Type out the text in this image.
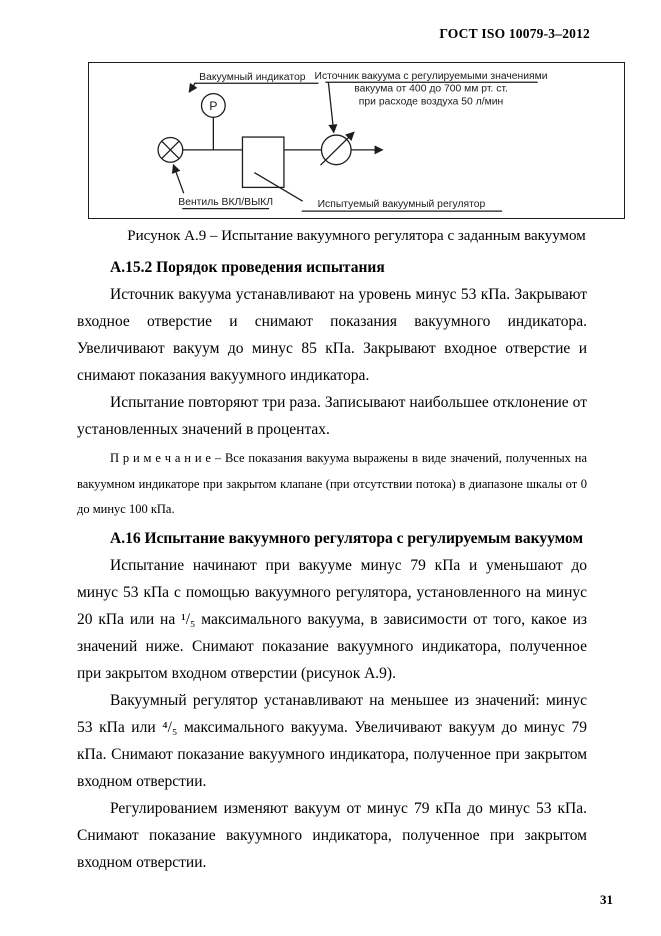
ГОСТ ISO 10079-3–2012
Р
Вакуумный индикатор Источник вакуума с регулируемыми значениями
вакуума от 400 до 700 мм рт. ст.
при расходе воздуха 50 л/мин
Вентиль ВКЛ/ВЫКЛ	Испытуемый вакуумный регулятор
Рисунок А.9 – Испытание вакуумного регулятора с заданным вакуумом

А.15.2 Порядок проведения испытания

Источник вакуума устанавливают на уровень минус 53 кПа. Закрывают входное отверстие и снимают показания вакуумного индикатора. Увеличивают вакуум до минус 85 кПа. Закрывают входное отверстие и снимают показания вакуумного индикатора.

Испытание повторяют три раза. Записывают наибольшее отклонение от установленных значений в процентах.

П р и м е ч а н и е – Все показания вакуума выражены в виде значений, полученных на вакуумном индикаторе при закрытом клапане (при отсутствии потока) в диапазоне шкалы от 0 до минус 100 кПа.

А.16 Испытание вакуумного регулятора с регулируемым вакуумом

Испытание начинают при вакууме минус 79 кПа и уменьшают до минус 53 кПа с помощью вакуумного регулятора, установленного на минус 20 кПа или на ¹/₅ максимального вакуума, в зависимости от того, какое из значений ниже. Снимают показание вакуумного индикатора, полученное при закрытом входном отверстии (рисунок А.9).

Вакуумный регулятор устанавливают на меньшее из значений: минус 53 кПа или ⁴/₅ максимального вакуума. Увеличивают вакуум до минус 79 кПа. Снимают показание вакуумного индикатора, полученное при закрытом входном отверстии.

Регулированием изменяют вакуум от минус 79 кПа до минус 53 кПа. Снимают показание вакуумного индикатора, полученное при закрытом входном отверстии.

31
